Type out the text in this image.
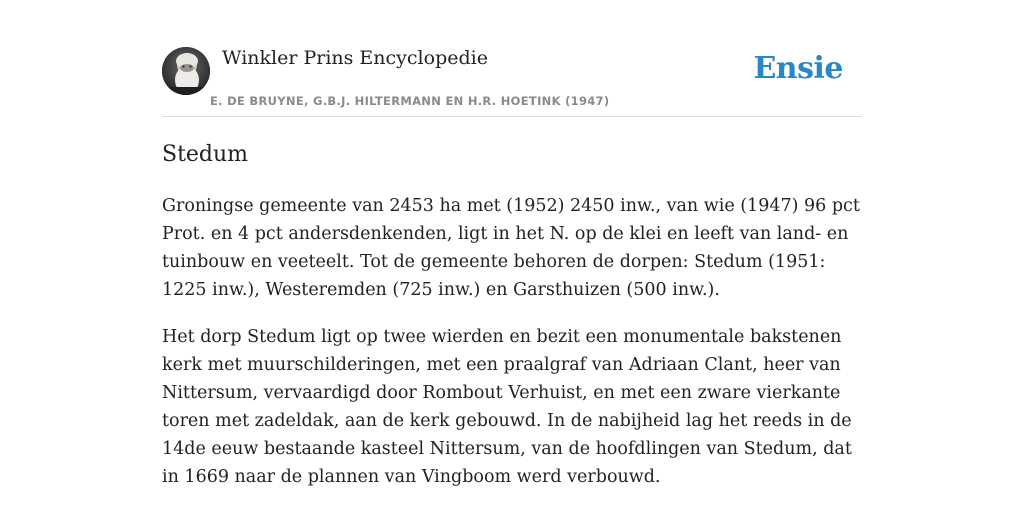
Winkler Prins Encyclopedie
E. DE BRUYNE, G.B.J. HILTERMANN EN H.R. HOETINK (1947)
Ensie
Stedum

Groningse gemeente van 2453 ha met (1952) 2450 inw., van wie (1947) 96 pct Prot. en 4 pct andersdenkenden, ligt in het N. op de klei en leeft van land- en tuinbouw en veeteelt. Tot de gemeente behoren de dorpen: Stedum (1951: 1225 inw.), Westeremden (725 inw.) en Garsthuizen (500 inw.).

Het dorp Stedum ligt op twee wierden en bezit een monumentale bakstenen kerk met muurschilderingen, met een praalgraf van Adriaan Clant, heer van Nittersum, vervaardigd door Rombout Verhuist, en met een zware vierkante toren met zadeldak, aan de kerk gebouwd. In de nabijheid lag het reeds in de 14de eeuw bestaande kasteel Nittersum, van de hoofdlingen van Stedum, dat in 1669 naar de plannen van Vingboom werd verbouwd.
